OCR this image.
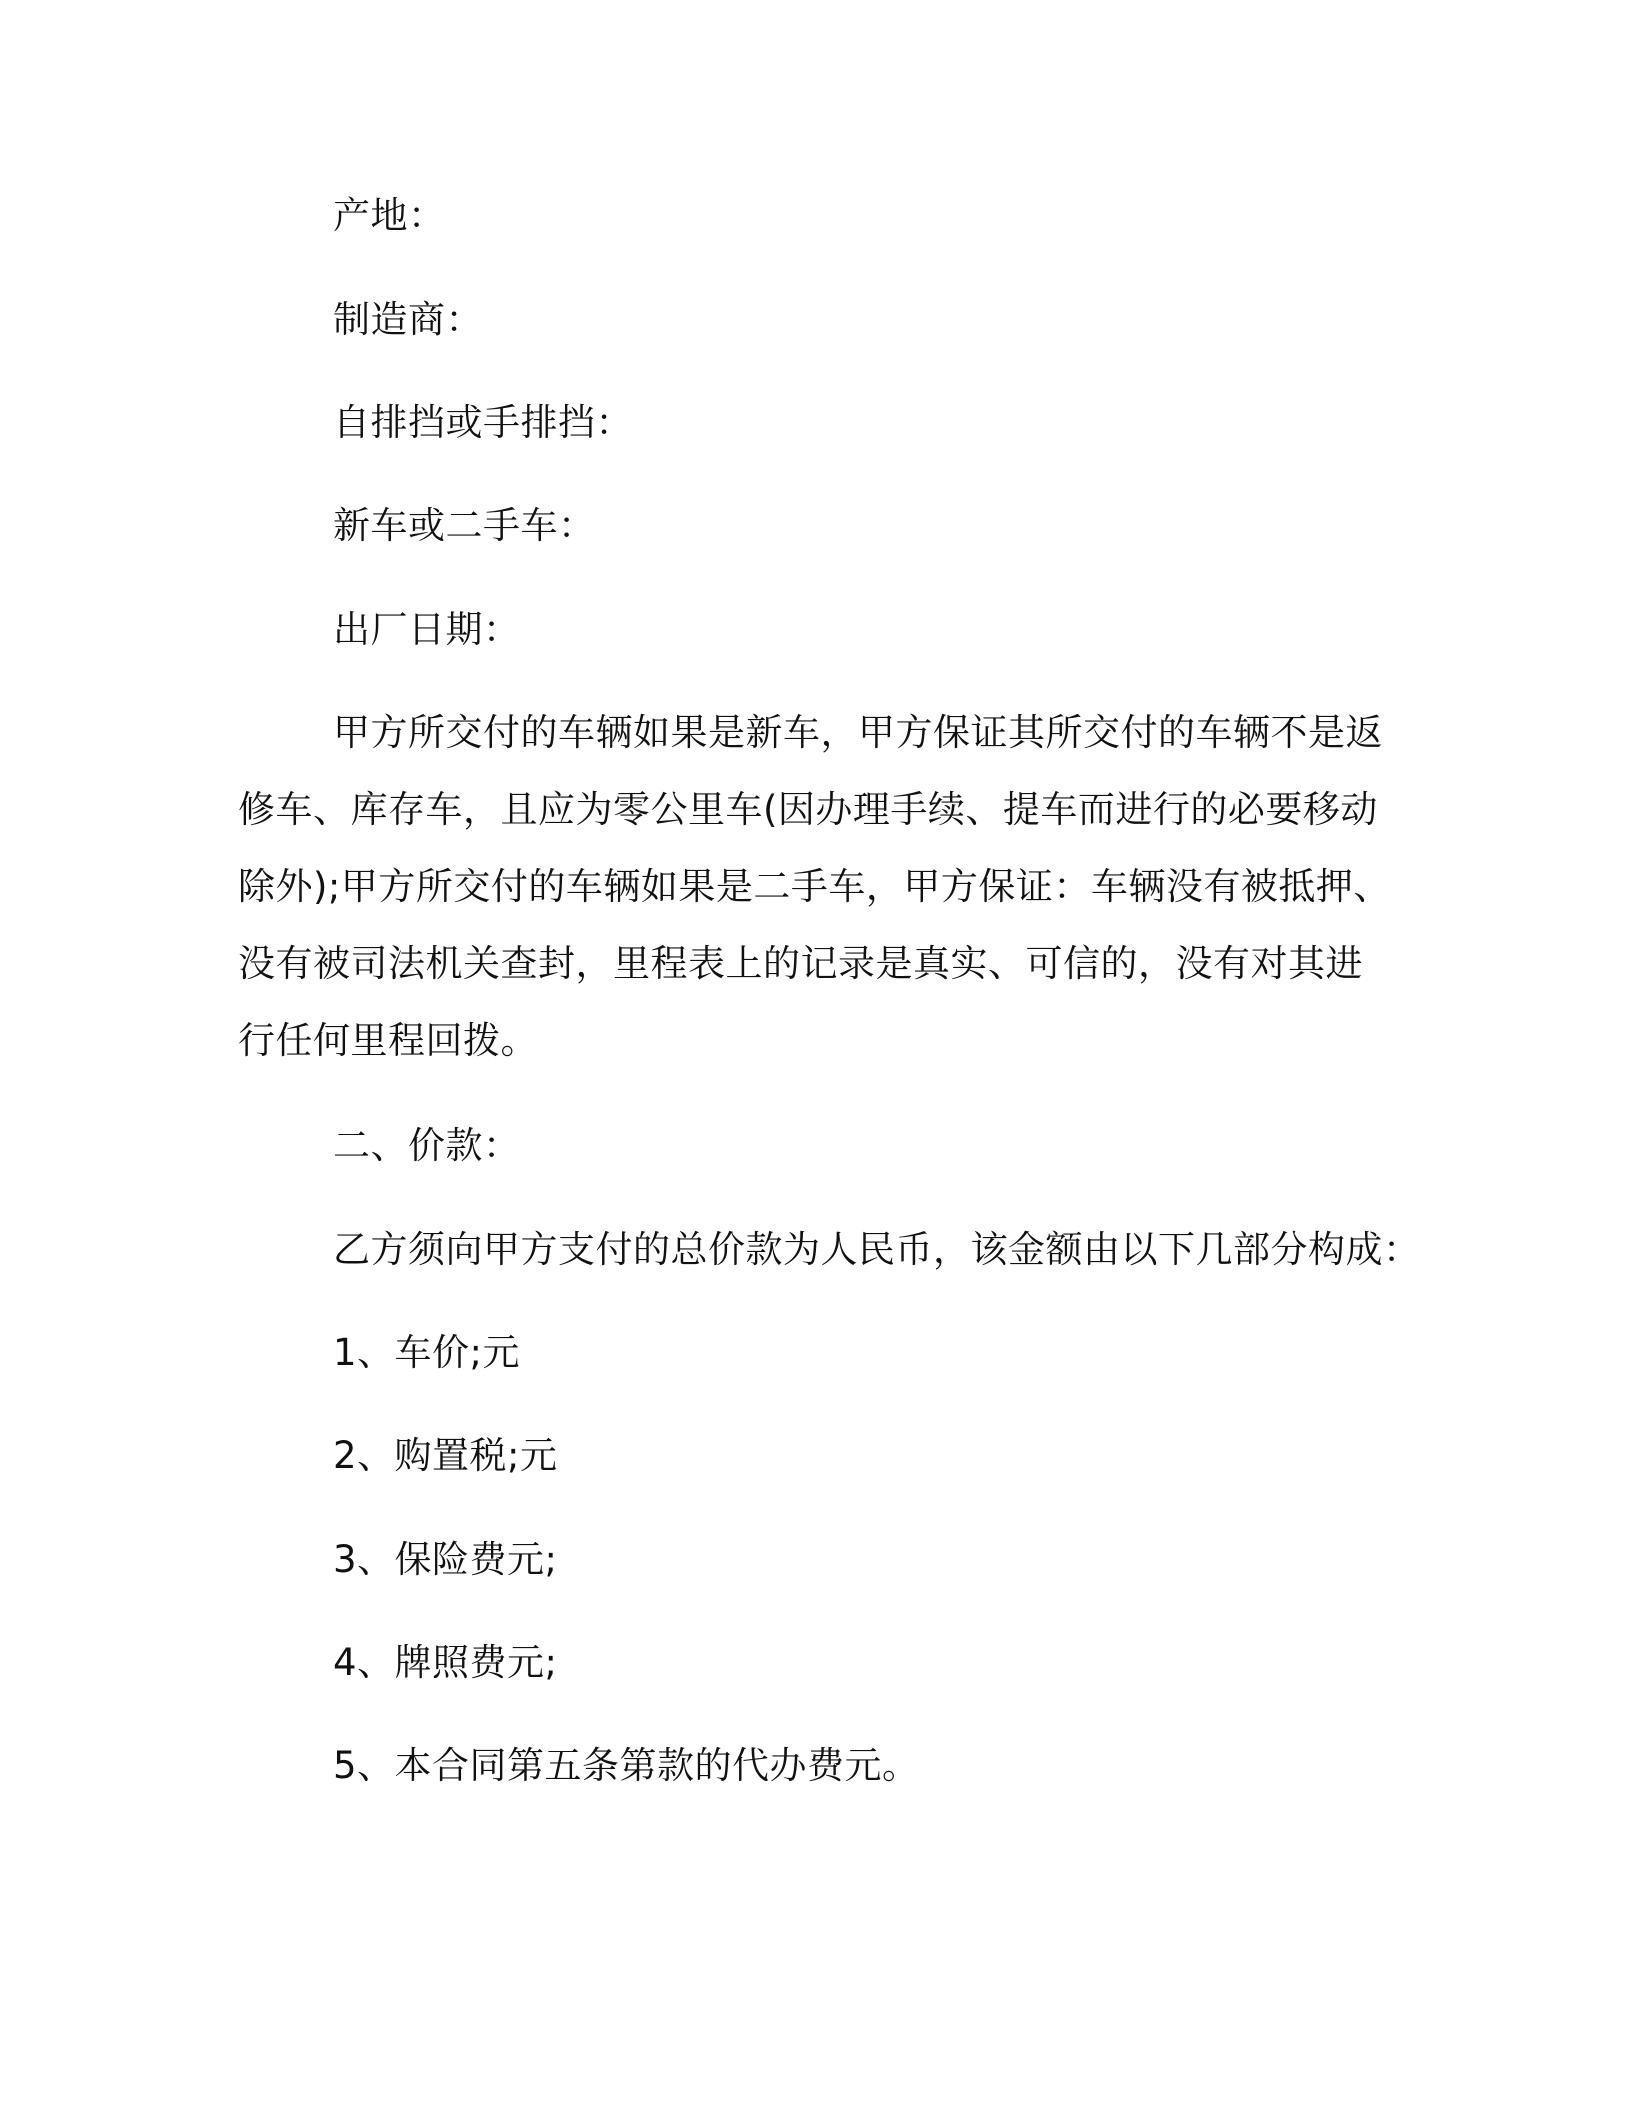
产地：
制造商：
自排挡或手排挡：
新车或二手车：
出厂日期：

甲方所交付的车辆如果是新车，甲方保证其所交付的车辆不是返修车、库存车，且应为零公里车(因办理手续、提车而进行的必要移动除外);甲方所交付的车辆如果是二手车，甲方保证：车辆没有被抵押、没有被司法机关查封，里程表上的记录是真实、可信的，没有对其进行任何里程回拨。

二、价款：
乙方须向甲方支付的总价款为人民币，该金额由以下几部分构成：
1、车价;元
2、购置税;元
3、保险费元;
4、牌照费元;
5、本合同第五条第款的代办费元。
